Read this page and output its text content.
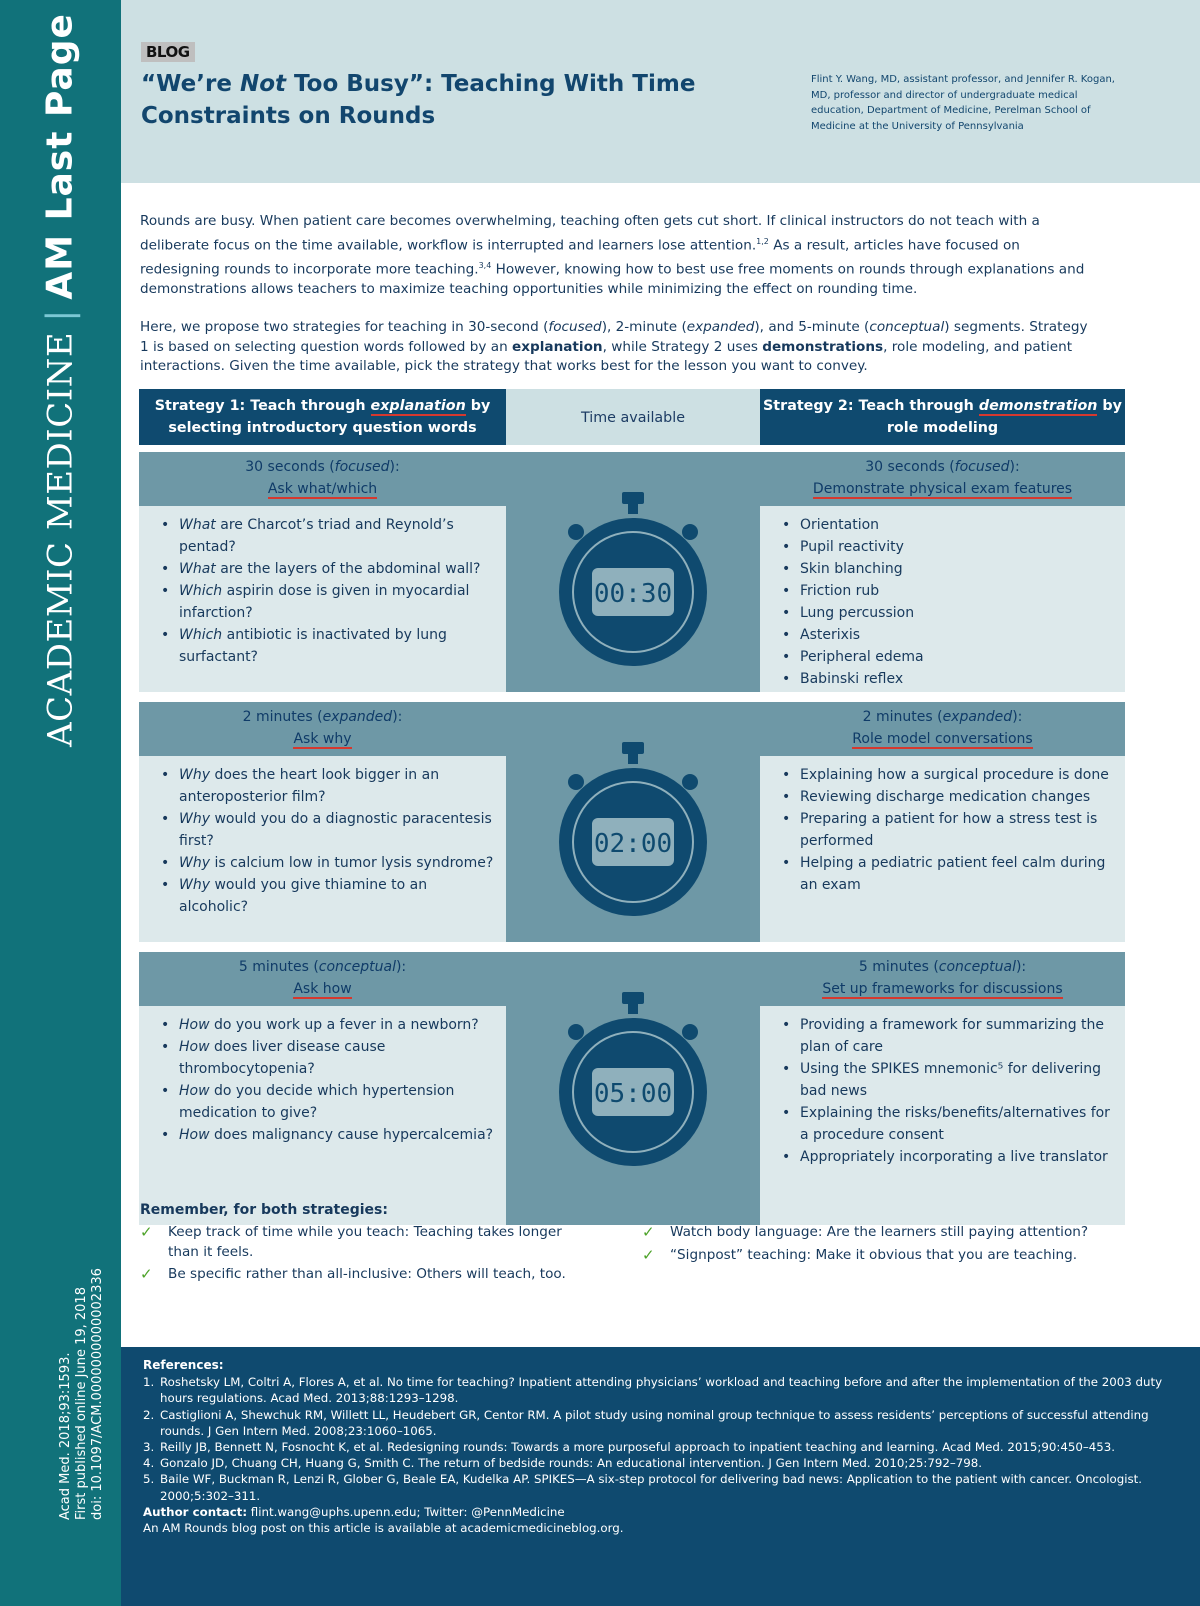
ACADEMIC MEDICINE|AM Last Page
Acad Med. 2018;93:1593. First published online June 19, 2018 doi: 10.1097/ACM.0000000000002336
BLOG
“We’re Not Too Busy”: Teaching With Time Constraints on Rounds
Flint Y. Wang, MD, assistant professor, and Jennifer R. Kogan, MD, professor and director of undergraduate medical education, Department of Medicine, Perelman School of Medicine at the University of Pennsylvania

Rounds are busy. When patient care becomes overwhelming, teaching often gets cut short. If clinical instructors do not teach with a deliberate focus on the time available, workflow is interrupted and learners lose attention.$^{1,2}$ As a result, articles have focused on redesigning rounds to incorporate more teaching.$^{3,4}$ However, knowing how to best use free moments on rounds through explanations and demonstrations allows teachers to maximize teaching opportunities while minimizing the effect on rounding time.

Here, we propose two strategies for teaching in 30-second (focused), 2-minute (expanded), and 5-minute (conceptual) segments. Strategy 1 is based on selecting question words followed by an explanation, while Strategy 2 uses demonstrations, role modeling, and patient interactions. Given the time available, pick the strategy that works best for the lesson you want to convey.

Strategy 1: Teach through explanation by selecting introductory question words
Time available
Strategy 2: Teach through demonstration by role modeling
30 seconds (focused):
Ask what/which
30 seconds (focused):
Demonstrate physical exam features
• What are Charcot’s triad and Reynold’s pentad?
• What are the layers of the abdominal wall?
• Which aspirin dose is given in myocardial infarction?
• Which antibiotic is inactivated by lung surfactant?
• Orientation
• Pupil reactivity
• Skin blanching
• Friction rub
• Lung percussion
• Asterixis
• Peripheral edema
• Babinski reflex
00:30
2 minutes (expanded):
Ask why
2 minutes (expanded):
Role model conversations
• Why does the heart look bigger in an anteroposterior film?
• Why would you do a diagnostic paracentesis first?
• Why is calcium low in tumor lysis syndrome?
• Why would you give thiamine to an alcoholic?
• Explaining how a surgical procedure is done
• Reviewing discharge medication changes
• Preparing a patient for how a stress test is performed
• Helping a pediatric patient feel calm during an exam
02:00
5 minutes (conceptual):
Ask how
5 minutes (conceptual):
Set up frameworks for discussions
• How do you work up a fever in a newborn?
• How does liver disease cause thrombocytopenia?
• How do you decide which hypertension medication to give?
• How does malignancy cause hypercalcemia?
• Providing a framework for summarizing the plan of care
• Using the SPIKES mnemonic⁵ for delivering bad news
• Explaining the risks/benefits/alternatives for a procedure consent
• Appropriately incorporating a live translator
05:00
Remember, for both strategies:
✓ Keep track of time while you teach: Teaching takes longer than it feels.
✓ Be specific rather than all-inclusive: Others will teach, too.
✓ Watch body language: Are the learners still paying attention?
✓ “Signpost” teaching: Make it obvious that you are teaching.
References:
1. Roshetsky LM, Coltri A, Flores A, et al. No time for teaching? Inpatient attending physicians’ workload and teaching before and after the implementation of the 2003 duty hours regulations. Acad Med. 2013;88:1293–1298.
2. Castiglioni A, Shewchuk RM, Willett LL, Heudebert GR, Centor RM. A pilot study using nominal group technique to assess residents’ perceptions of successful attending rounds. J Gen Intern Med. 2008;23:1060–1065.
3. Reilly JB, Bennett N, Fosnocht K, et al. Redesigning rounds: Towards a more purposeful approach to inpatient teaching and learning. Acad Med. 2015;90:450–453.
4. Gonzalo JD, Chuang CH, Huang G, Smith C. The return of bedside rounds: An educational intervention. J Gen Intern Med. 2010;25:792–798.
5. Baile WF, Buckman R, Lenzi R, Glober G, Beale EA, Kudelka AP. SPIKES—A six-step protocol for delivering bad news: Application to the patient with cancer. Oncologist. 2000;5:302–311.
Author contact: flint.wang@uphs.upenn.edu; Twitter: @PennMedicine
An AM Rounds blog post on this article is available at academicmedicineblog.org.
